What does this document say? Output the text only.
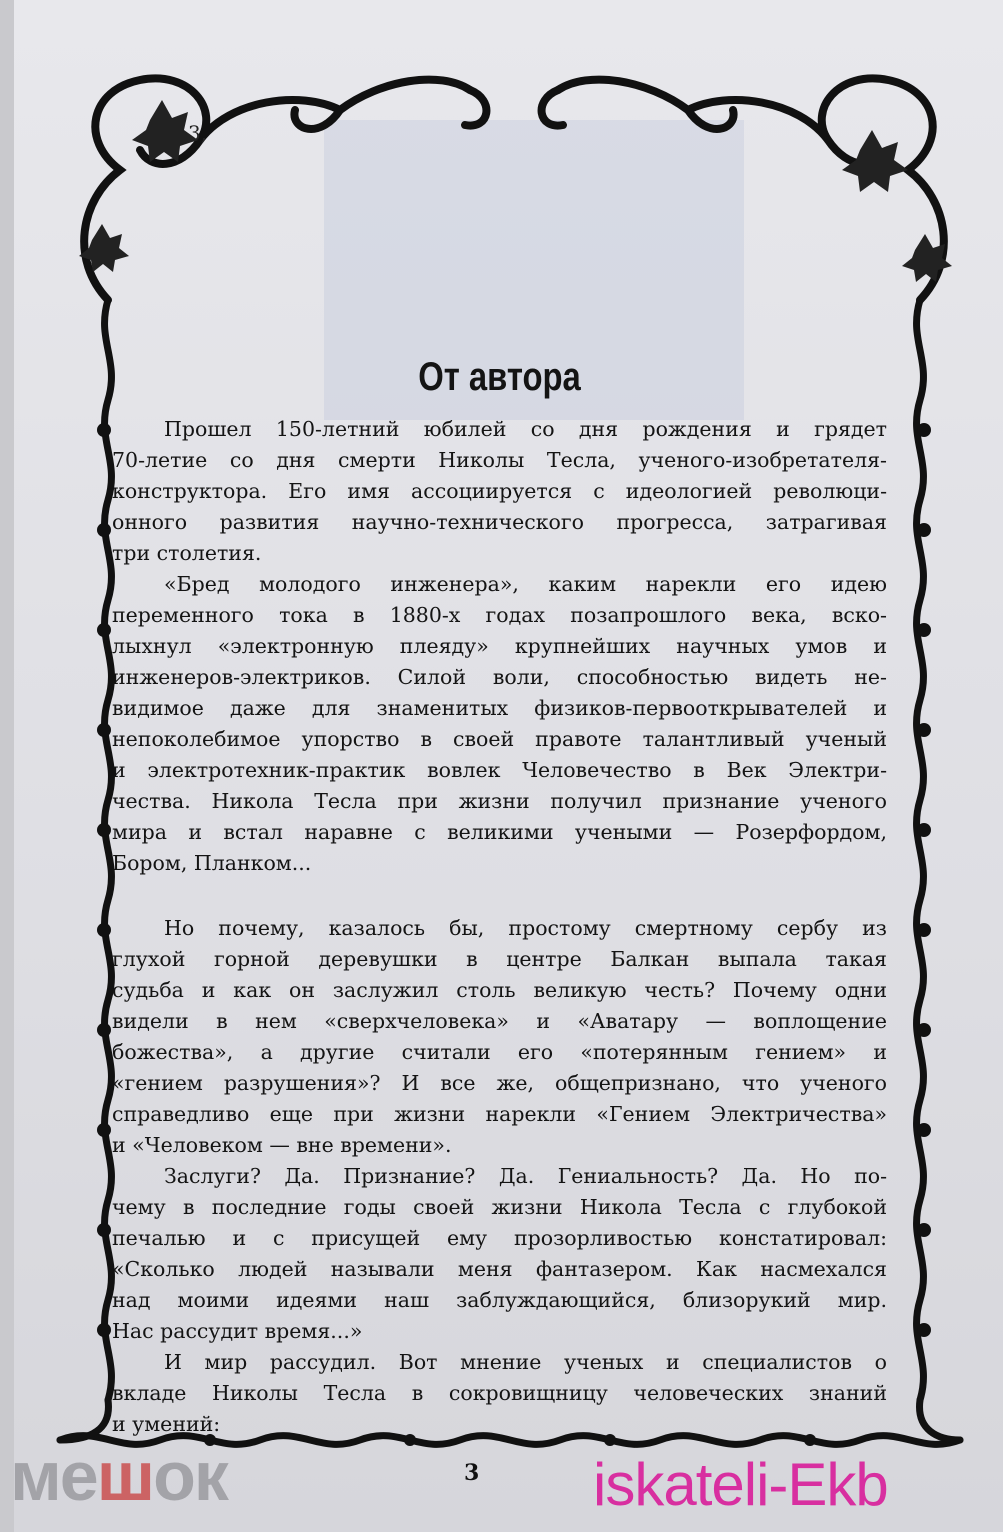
3,
От автора
Прошел 150-летний юбилей со дня рождения и грядет
70-летие со дня смерти Николы Тесла, ученого-изобретателя-
конструктора. Его имя ассоциируется с идеологией революци-
онного развития научно-технического прогресса, затрагивая
три столетия.
«Бред молодого инженера», каким нарекли его идею
переменного тока в 1880-х годах позапрошлого века, вско-
лыхнул «электронную плеяду» крупнейших научных умов и
инженеров-электриков. Силой воли, способностью видеть не-
видимое даже для знаменитых физиков-первооткрывателей и
непоколебимое упорство в своей правоте талантливый ученый
и электротехник-практик вовлек Человечество в Век Электри-
чества. Никола Тесла при жизни получил признание ученого
мира и встал наравне с великими учеными — Розерфордом,
Бором, Планком...
Но почему, казалось бы, простому смертному сербу из
глухой горной деревушки в центре Балкан выпала такая
судьба и как он заслужил столь великую честь? Почему одни
видели в нем «сверхчеловека» и «Аватару — воплощение
божества», а другие считали его «потерянным гением» и
«гением разрушения»? И все же, общепризнано, что ученого
справедливо еще при жизни нарекли «Гением Электричества»
и «Человеком — вне времени».
Заслуги? Да. Признание? Да. Гениальность? Да. Но по-
чему в последние годы своей жизни Никола Тесла с глубокой
печалью и с присущей ему прозорливостью констатировал:
«Сколько людей называли меня фантазером. Как насмехался
над моими идеями наш заблуждающийся, близорукий мир.
Нас рассудит время...»
И мир рассудил. Вот мнение ученых и специалистов о
вкладе Николы Тесла в сокровищницу человеческих знаний
и умений:
3
мешок	iskateli-Ekb
